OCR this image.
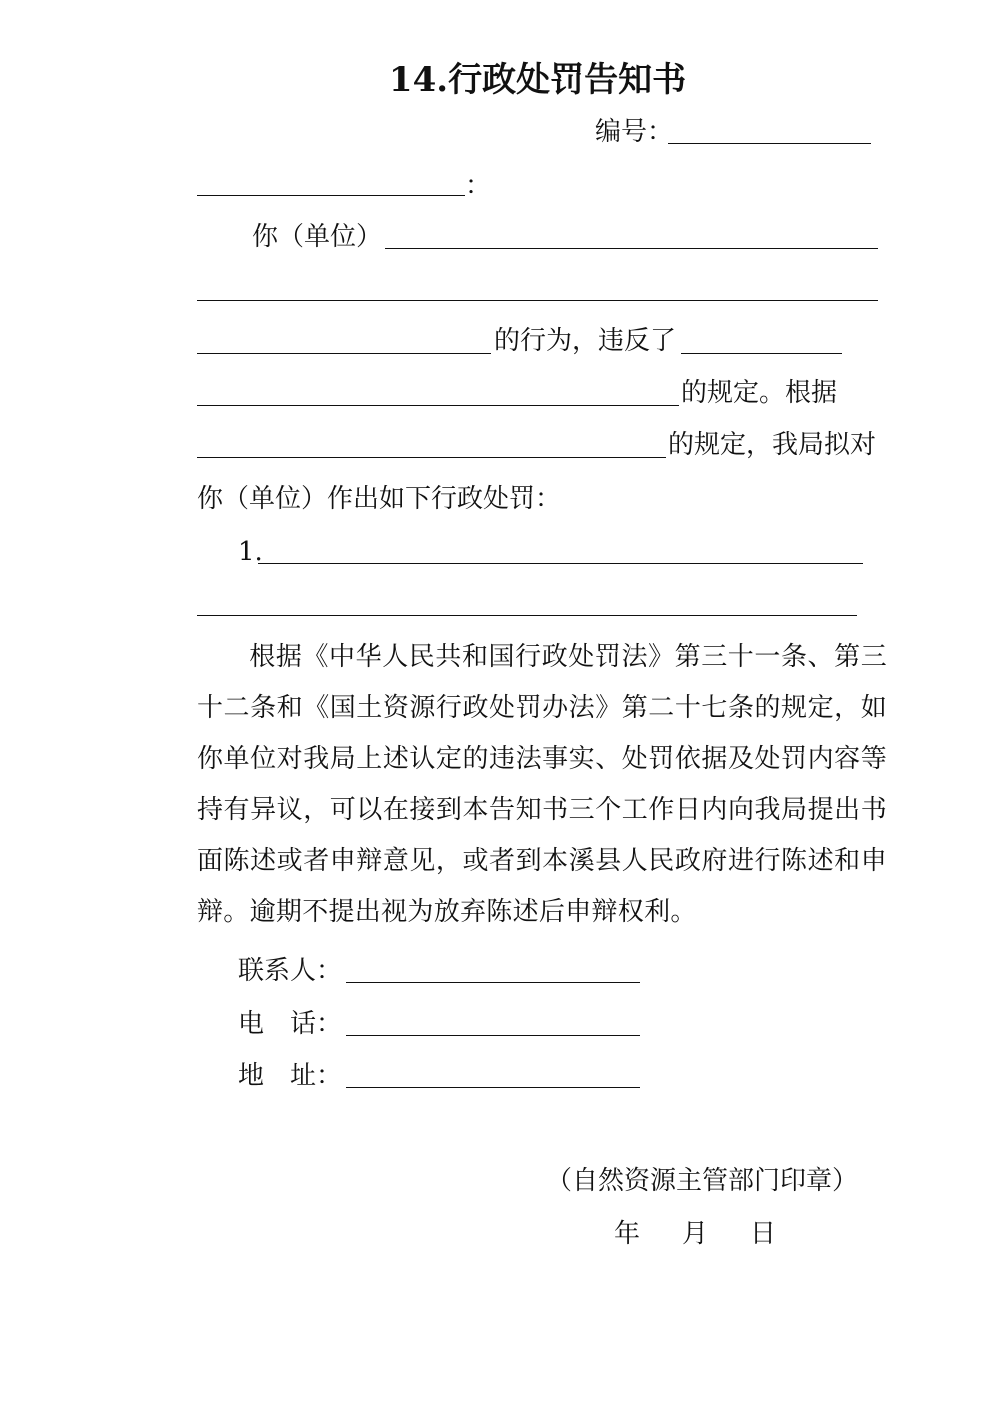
14.行政处罚告知书
编号：
：
你（单位）
的行为，违反了
的规定。根据
的规定，我局拟对
你（单位）作出如下行政处罚：
1.
根据《中华人民共和国行政处罚法》第三十一条、第三十二条和《国土资源行政处罚办法》第二十七条的规定，如你单位对我局上述认定的违法事实、处罚依据及处罚内容等持有异议，可以在接到本告知书三个工作日内向我局提出书面陈述或者申辩意见，或者到本溪县人民政府进行陈述和申辩。逾期不提出视为放弃陈述后申辩权利。
联系人：
电 话：
地 址：
（自然资源主管部门印章）
年 月 日
